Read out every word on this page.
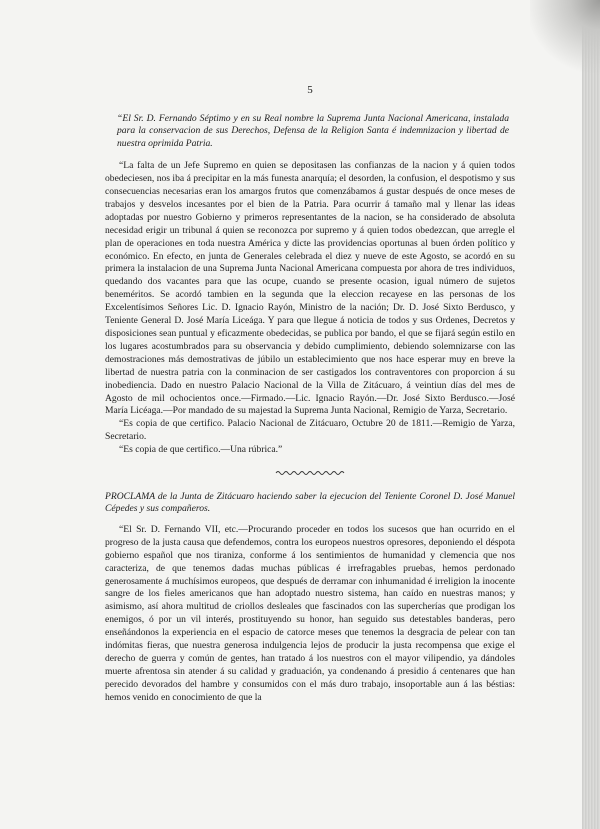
5

“El Sr. D. Fernando Séptimo y en su Real nombre la Suprema Junta Nacional Americana, instalada para la conservacion de sus Derechos, Defensa de la Religion Santa é indemnizacion y libertad de nuestra oprimida Patria.

“La falta de un Jefe Supremo en quien se depositasen las confianzas de la nacion y á quien todos obedeciesen, nos iba á precipitar en la más funesta anarquía; el desorden, la confusion, el despotismo y sus consecuencias necesarias eran los amargos frutos que comenzábamos á gustar después de once meses de trabajos y desvelos incesantes por el bien de la Patria. Para ocurrir á tamaño mal y llenar las ideas adoptadas por nuestro Gobierno y primeros representantes de la nacion, se ha considerado de absoluta necesidad erigir un tribunal á quien se reconozca por supremo y á quien todos obedezcan, que arregle el plan de operaciones en toda nuestra América y dicte las providencias oportunas al buen órden político y económico. En efecto, en junta de Generales celebrada el diez y nueve de este Agosto, se acordó en su primera la instalacion de una Suprema Junta Nacional Americana compuesta por ahora de tres individuos, quedando dos vacantes para que las ocupe, cuando se presente ocasion, igual número de sujetos beneméritos. Se acordó tambien en la segunda que la eleccion recayese en las personas de los Excelentísimos Señores Lic. D. Ignacio Rayón, Ministro de la nación; Dr. D. José Sixto Berdusco, y Teniente General D. José María Liceága. Y para que llegue á noticia de todos y sus Ordenes, Decretos y disposiciones sean puntual y eficazmente obedecidas, se publica por bando, el que se fijará según estilo en los lugares acostumbrados para su observancia y debido cumplimiento, debiendo solemnizarse con las demostraciones más demostrativas de júbilo un establecimiento que nos hace esperar muy en breve la libertad de nuestra patria con la conminacion de ser castigados los contraventores con proporcion á su inobediencia. Dado en nuestro Palacio Nacional de la Villa de Zitácuaro, á veintiun días del mes de Agosto de mil ochocientos once.—Firmado.—Lic. Ignacio Rayón.—Dr. José Sixto Berdusco.—José María Licéaga.—Por mandado de su majestad la Suprema Junta Nacional, Remigio de Yarza, Secretario.

“Es copia de que certifico. Palacio Nacional de Zitácuaro, Octubre 20 de 1811.—Remigio de Yarza, Secretario.

“Es copia de que certifico.—Una rúbrica.”

PROCLAMA de la Junta de Zitácuaro haciendo saber la ejecucion del Teniente Coronel D. José Manuel Cépedes y sus compañeros.

“El Sr. D. Fernando VII, etc.—Procurando proceder en todos los sucesos que han ocurrido en el progreso de la justa causa que defendemos, contra los europeos nuestros opresores, deponiendo el déspota gobierno español que nos tiraniza, conforme á los sentimientos de humanidad y clemencia que nos caracteriza, de que tenemos dadas muchas públicas é irrefragables pruebas, hemos perdonado generosamente á muchísimos europeos, que después de derramar con inhumanidad é irreligion la inocente sangre de los fieles americanos que han adoptado nuestro sistema, han caído en nuestras manos; y asimismo, así ahora multitud de criollos desleales que fascinados con las supercherías que prodigan los enemigos, ó por un vil interés, prostituyendo su honor, han seguido sus detestables banderas, pero enseñándonos la experiencia en el espacio de catorce meses que tenemos la desgracia de pelear con tan indómitas fieras, que nuestra generosa indulgencia lejos de producir la justa recompensa que exige el derecho de guerra y común de gentes, han tratado á los nuestros con el mayor vilipendio, ya dándoles muerte afrentosa sin atender á su calidad y graduación, ya condenando á presidio á centenares que han perecido devorados del hambre y consumidos con el más duro trabajo, insoportable aun á las béstias: hemos venido en conocimiento de que la
